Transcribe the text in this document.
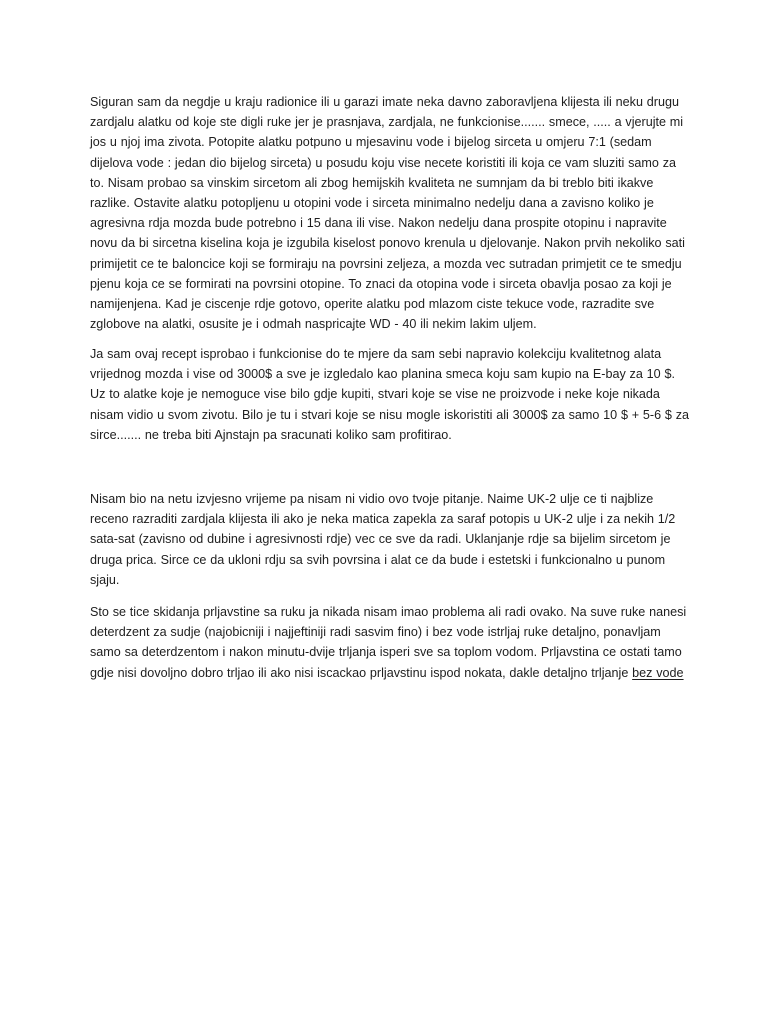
Siguran sam da negdje u kraju radionice ili u garazi imate neka davno zaboravljena klijesta ili neku drugu zardjalu alatku od koje ste digli ruke jer je prasnjava, zardjala, ne funkcionise....... smece, ..... a vjerujte mi jos u njoj ima zivota. Potopite alatku potpuno u mjesavinu vode i bijelog sirceta u omjeru 7:1 (sedam dijelova vode : jedan dio bijelog sirceta) u posudu koju vise necete koristiti ili koja ce vam sluziti samo za to. Nisam probao sa vinskim sircetom ali zbog hemijskih kvaliteta ne sumnjam da bi treblo biti ikakve razlike. Ostavite alatku potopljenu u otopini vode i sirceta minimalno nedelju dana a zavisno koliko je agresivna rdja mozda bude potrebno i 15 dana ili vise. Nakon nedelju dana prospite otopinu i napravite novu da bi sircetna kiselina koja je izgubila kiselost ponovo krenula u djelovanje. Nakon prvih nekoliko sati primijetit ce te baloncice koji se formiraju na povrsini zeljeza, a mozda vec sutradan primjetit ce te smedju pjenu koja ce se formirati na povrsini otopine. To znaci da otopina vode i sirceta obavlja posao za koji je namijenjena. Kad je ciscenje rdje gotovo, operite alatku pod mlazom ciste tekuce vode, razradite sve zglobove na alatki, osusite je i odmah naspricajte WD - 40 ili nekim lakim uljem.

Ja sam ovaj recept isprobao i funkcionise do te mjere da sam sebi napravio kolekciju kvalitetnog alata vrijednog mozda i vise od 3000$ a sve je izgledalo kao planina smeca koju sam kupio na E-bay za 10 $. Uz to alatke koje je nemoguce vise bilo gdje kupiti, stvari koje se vise ne proizvode i neke koje nikada nisam vidio u svom zivotu. Bilo je tu i stvari koje se nisu mogle iskoristiti ali 3000$ za samo 10 $ + 5-6 $ za sirce....... ne treba biti Ajnstajn pa sracunati koliko sam profitirao.

Nisam bio na netu izvjesno vrijeme pa nisam ni vidio ovo tvoje pitanje. Naime UK-2 ulje ce ti najblize receno razraditi zardjala klijesta ili ako je neka matica zapekla za saraf potopis u UK-2 ulje i za nekih 1/2 sata-sat (zavisno od dubine i agresivnosti rdje) vec ce sve da radi. Uklanjanje rdje sa bijelim sircetom je druga prica. Sirce ce da ukloni rdju sa svih povrsina i alat ce da bude i estetski i funkcionalno u punom sjaju.

Sto se tice skidanja prljavstine sa ruku ja nikada nisam imao problema ali radi ovako. Na suve ruke nanesi deterdzent za sudje (najobicniji i najjeftiniji radi sasvim fino) i bez vode istrljaj ruke detaljno, ponavljam samo sa deterdzentom i nakon minutu-dvije trljanja isperi sve sa toplom vodom. Prljavstina ce ostati tamo gdje nisi dovoljno dobro trljao ili ako nisi iscackao prljavstinu ispod nokata, dakle detaljno trljanje bez vode
